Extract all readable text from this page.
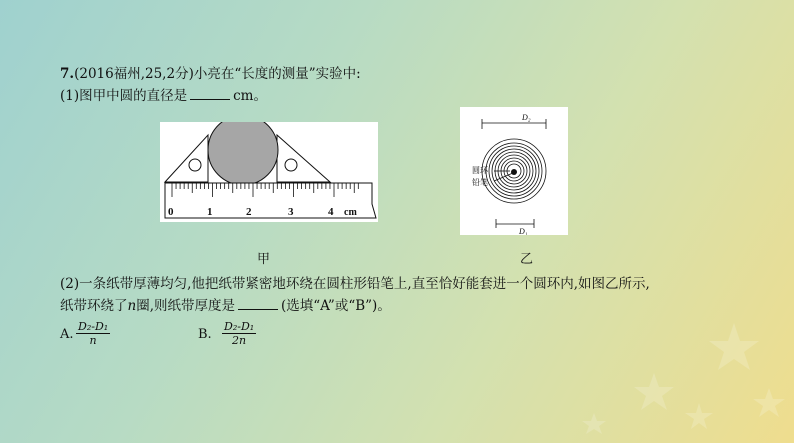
7.(2016福州,25,2分)小亮在“长度的测量”实验中:
(1)图甲中圆的直径是	cm。
0	1	2	3	4 cm
甲
D₂
D₁
圆环
铅笔
乙
(2)一条纸带厚薄均匀,他把纸带紧密地环绕在圆柱形铅笔上,直至恰好能套进一个圆环内,如图乙所示,
纸带环绕了n圈,则纸带厚度是	(选填“A”或“B”)。
A. $\frac{\text{D₂-D₁}}{n}$	B. $\frac{\text{D₂-D₁}}{2n}$
